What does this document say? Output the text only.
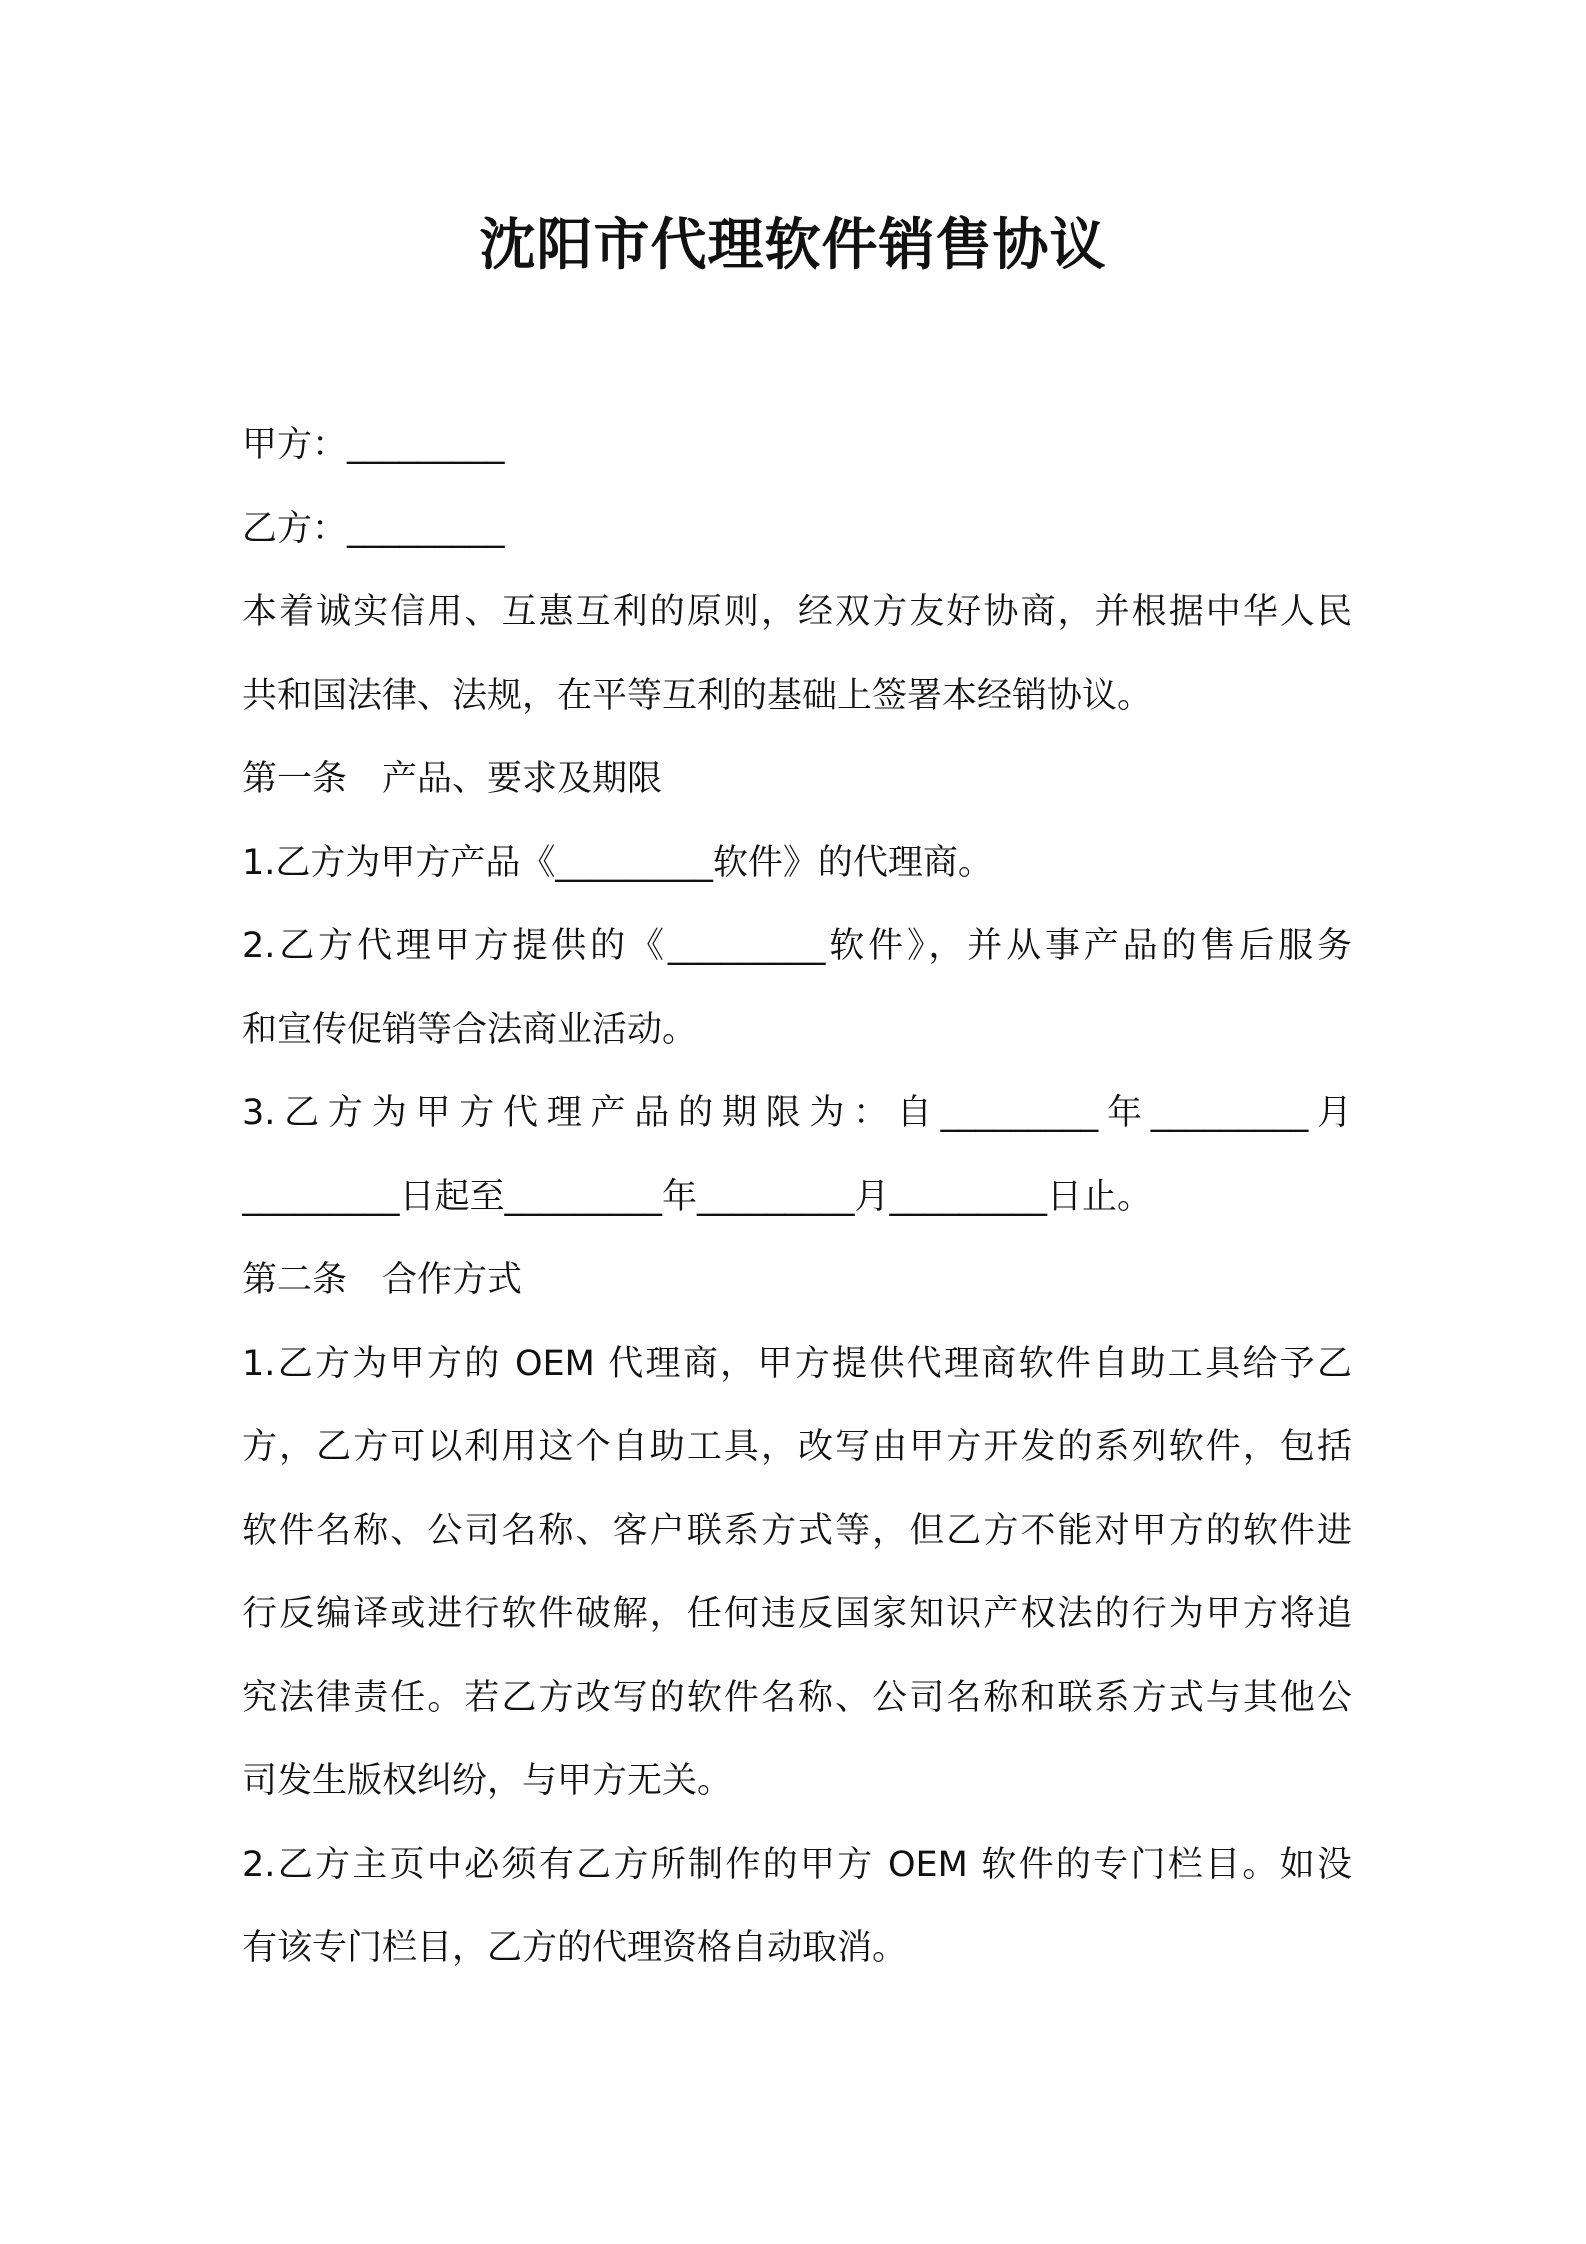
沈阳市代理软件销售协议
甲方：_________
乙方：_________
本着诚实信用、互惠互利的原则，经双方友好协商，并根据中华人民
共和国法律、法规，在平等互利的基础上签署本经销协议。
第一条　产品、要求及期限
1.乙方为甲方产品《_________软件》的代理商。
2.乙方代理甲方提供的《_________软件》，并从事产品的售后服务
和宣传促销等合法商业活动。
3.乙方为甲方代理产品的期限为：自_________年_________月
_________日起至_________年_________月_________日止。
第二条　合作方式
1.乙方为甲方的 OEM 代理商，甲方提供代理商软件自助工具给予乙
方，乙方可以利用这个自助工具，改写由甲方开发的系列软件，包括
软件名称、公司名称、客户联系方式等，但乙方不能对甲方的软件进
行反编译或进行软件破解，任何违反国家知识产权法的行为甲方将追
究法律责任。若乙方改写的软件名称、公司名称和联系方式与其他公
司发生版权纠纷，与甲方无关。
2.乙方主页中必须有乙方所制作的甲方 OEM 软件的专门栏目。如没
有该专门栏目，乙方的代理资格自动取消。
